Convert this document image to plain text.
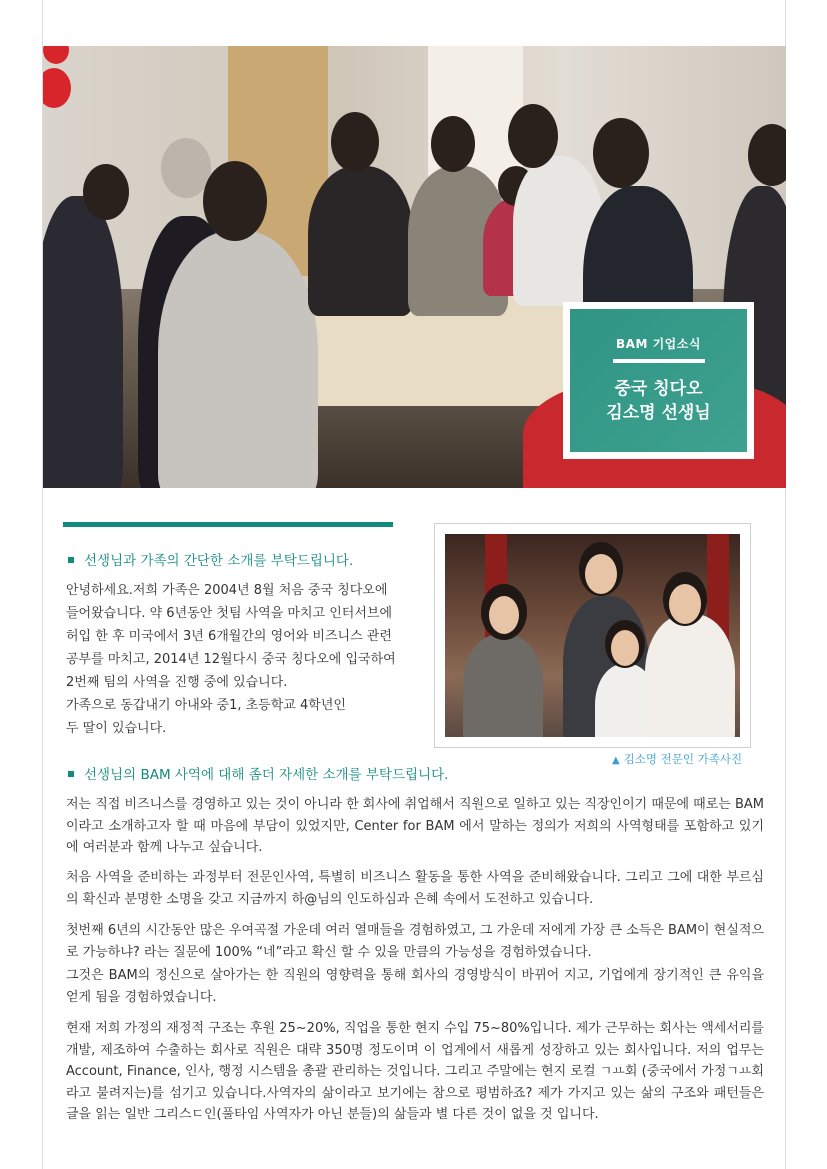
BAM 기업소식
중국 칭다오
김소명 선생님
선생님과 가족의 간단한 소개를 부탁드립니다.
안녕하세요.저희 가족은 2004년 8월 처음 중국 칭다오에
들어왔습니다. 약 6년동안 첫팀 사역을 마치고 인터서브에
허입 한 후 미국에서 3년 6개월간의 영어와 비즈니스 관련
공부를 마치고, 2014년 12월다시 중국 칭다오에 입국하여
2번째 팀의 사역을 진행 중에 있습니다.
가족으로 동갑내기 아내와 중1, 초등학교 4학년인
두 딸이 있습니다.
▲ 김소명 전문인 가족사진
선생님의 BAM 사역에 대해 좀더 자세한 소개를 부탁드립니다.

저는 직접 비즈니스를 경영하고 있는 것이 아니라 한 회사에 취업해서 직원으로 일하고 있는 직장인이기 때문에 때로는 BAM이라고 소개하고자 할 때 마음에 부담이 있었지만, Center for BAM 에서 말하는 정의가 저희의 사역형태를 포함하고 있기에 여러분과 함께 나누고 싶습니다.

처음 사역을 준비하는 과정부터 전문인사역, 특별히 비즈니스 활동을 통한 사역을 준비해왔습니다. 그리고 그에 대한 부르심의 확신과 분명한 소명을 갖고 지금까지 하@님의 인도하심과 은혜 속에서 도전하고 있습니다.

첫번째 6년의 시간동안 많은 우여곡절 가운데 여러 열매들을 경험하였고, 그 가운데 저에게 가장 큰 소득은 BAM이 현실적으로 가능하냐? 라는 질문에 100% “네”라고 확신 할 수 있을 만큼의 가능성을 경험하였습니다.

그것은 BAM의 정신으로 살아가는 한 직원의 영향력을 통해 회사의 경영방식이 바뀌어 지고, 기업에게 장기적인 큰 유익을 얻게 됨을 경험하였습니다.

현재 저희 가정의 재정적 구조는 후원 25~20%, 직업을 통한 현지 수입 75~80%입니다. 제가 근무하는 회사는 액세서리를 개발, 제조하여 수출하는 회사로 직원은 대략 350명 정도이며 이 업계에서 새롭게 성장하고 있는 회사입니다. 저의 업무는 Account, Finance, 인사, 행정 시스템을 총괄 관리하는 것입니다. 그리고 주말에는 현지 로컬 ㄱㅛ회 (중국에서 가정ㄱㅛ회 라고 불려지는)를 섬기고 있습니다.사역자의 삶이라고 보기에는 참으로 평범하죠? 제가 가지고 있는 삶의 구조와 패턴들은 글을 읽는 일반 그리스ㄷ인(풀타임 사역자가 아닌 분들)의 삶들과 별 다른 것이 없을 것 입니다.
